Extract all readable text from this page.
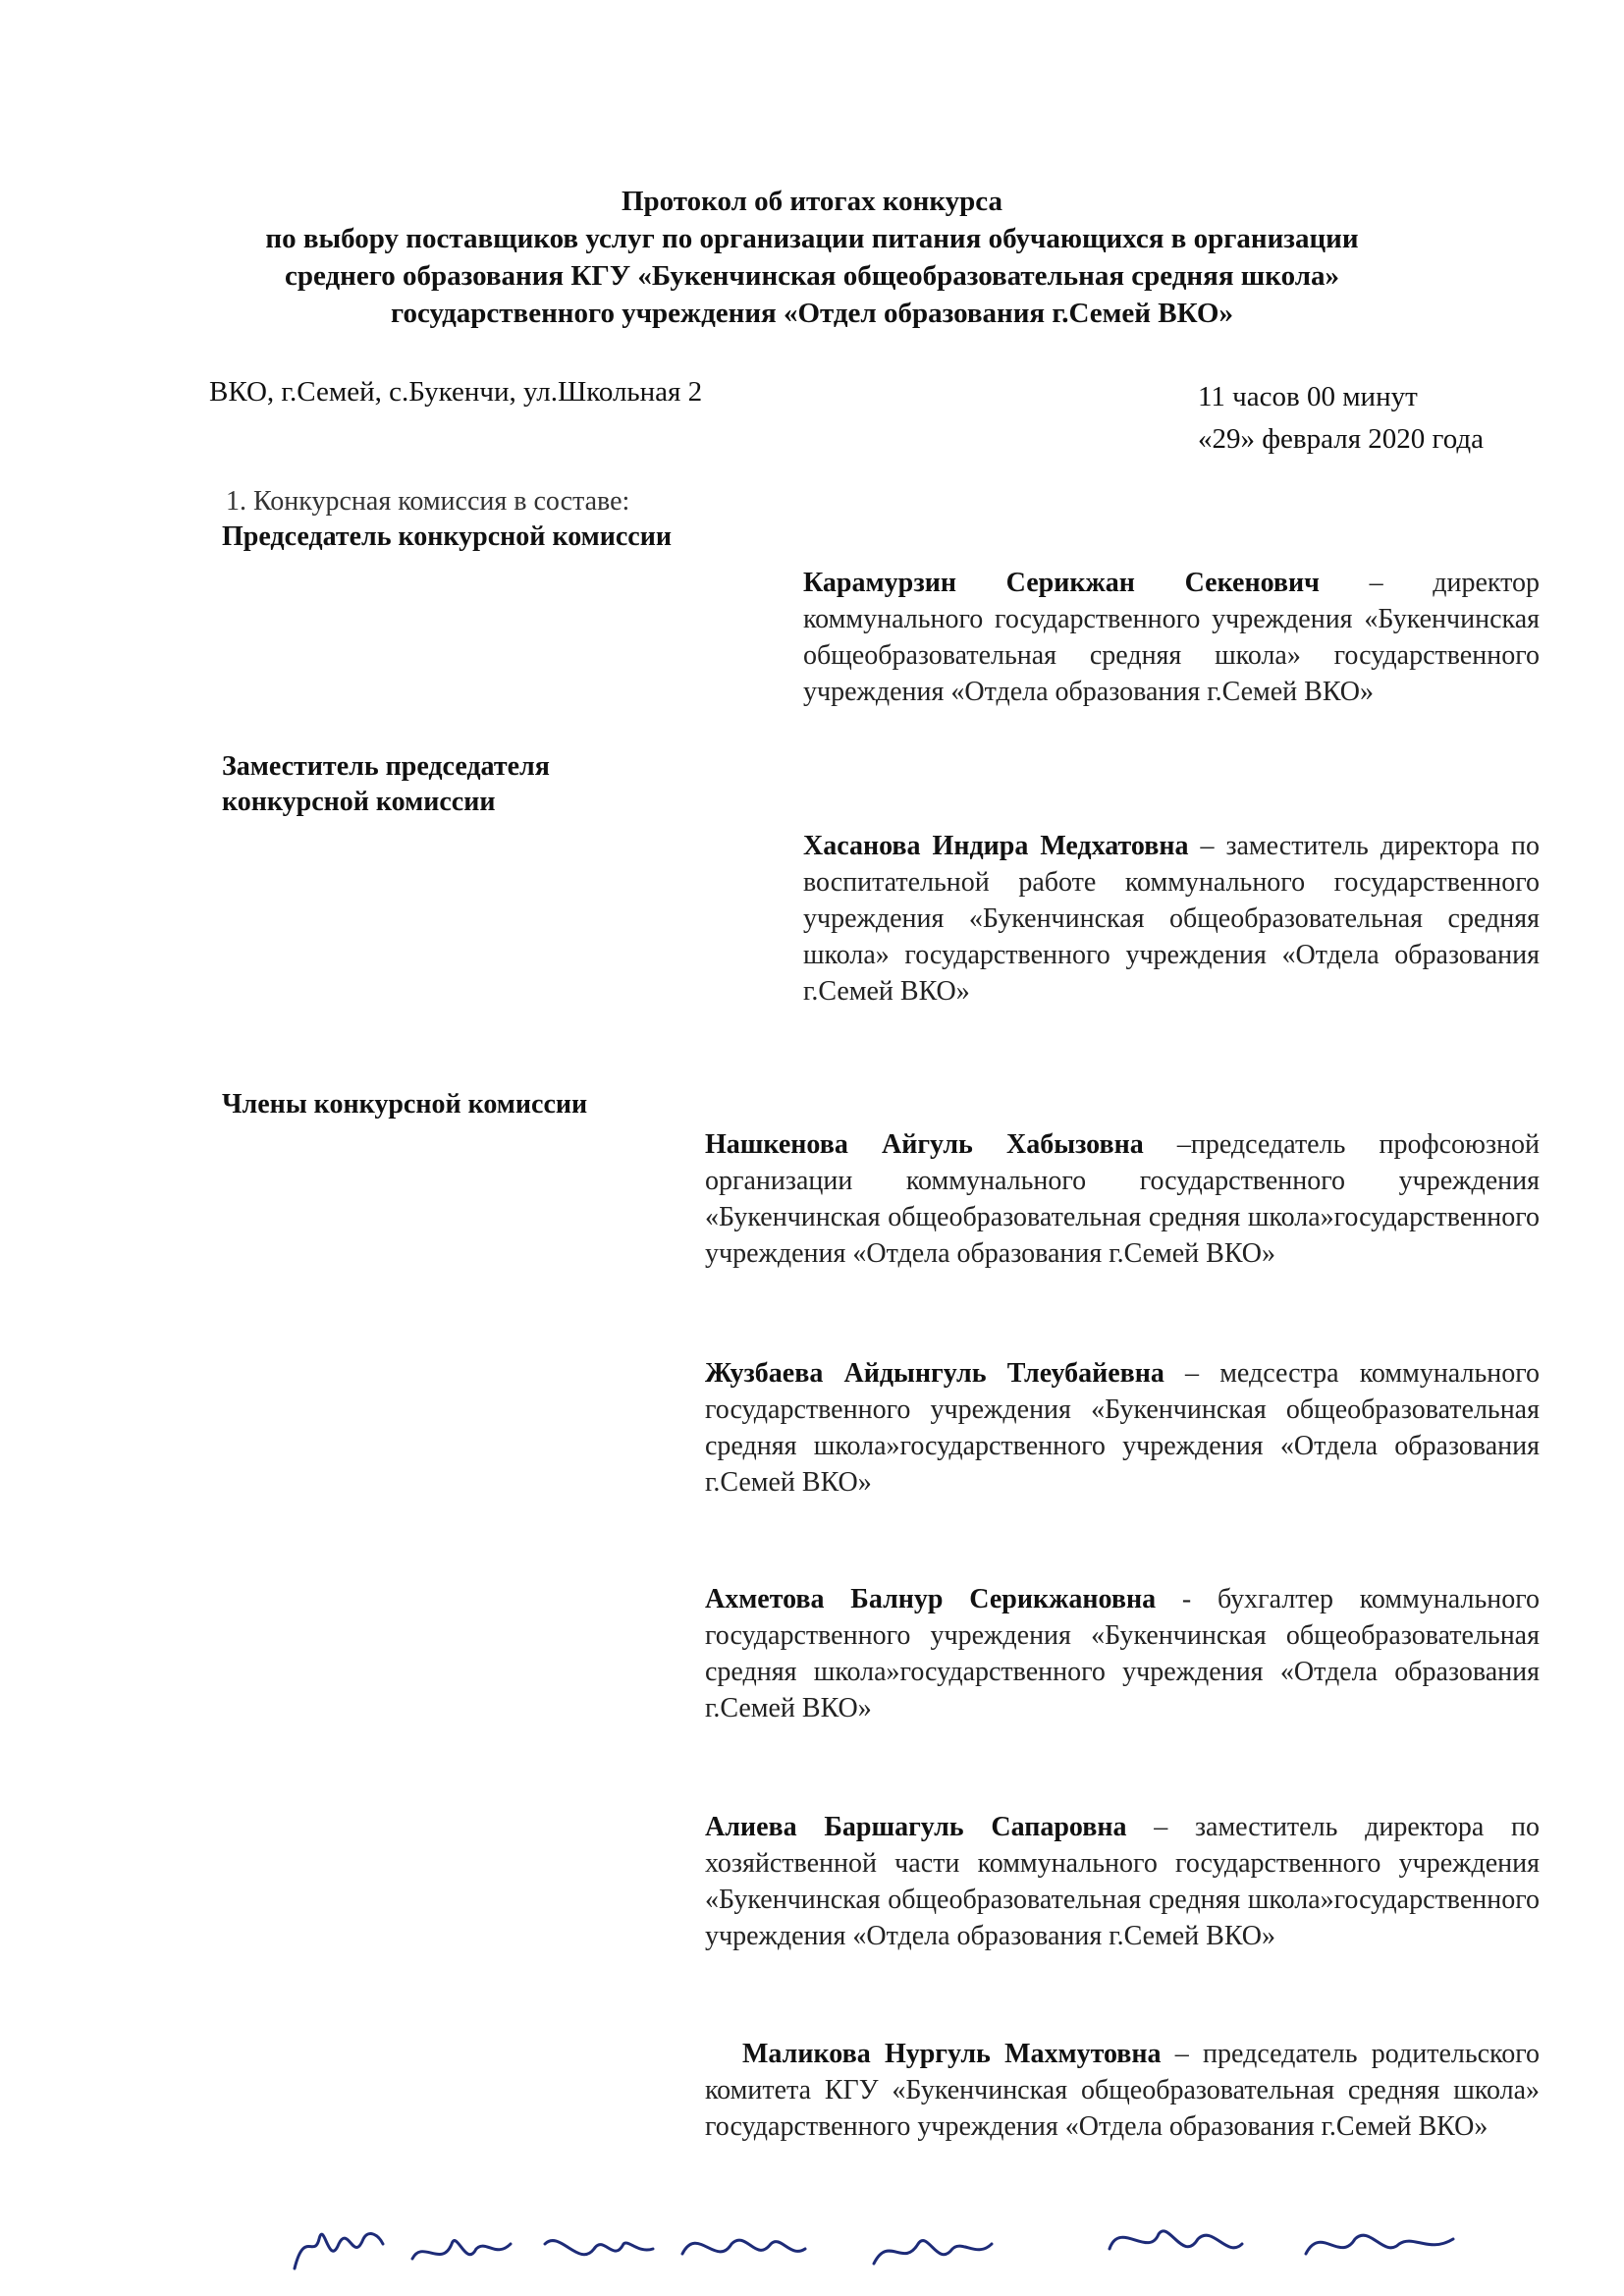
Протокол об итогах конкурса
по выбору поставщиков услуг по организации питания обучающихся в организации
среднего образования КГУ «Букенчинская общеобразовательная средняя школа»
государственного учреждения «Отдел образования г.Семей ВКО»
ВКО, г.Семей, с.Букенчи, ул.Школьная 2	11 часов 00 минут
«29» февраля 2020 года
1. Конкурсная комиссия в составе:
Председатель конкурсной комиссии
Карамурзин Серикжан Секенович – директор коммунального государственного учреждения «Букенчинская общеобразовательная средняя школа» государственного учреждения «Отдела образования г.Семей ВКО»
Заместитель председателя
конкурсной комиссии
Хасанова Индира Медхатовна – заместитель директора по воспитательной работе коммунального государственного учреждения «Букенчинская общеобразовательная средняя школа» государственного учреждения «Отдела образования г.Семей ВКО»
Члены конкурсной комиссии
Нашкенова Айгуль Хабызовна –председатель профсоюзной организации коммунального государственного учреждения «Букенчинская общеобразовательная средняя школа»государственного учреждения «Отдела образования г.Семей ВКО»
Жузбаева Айдынгуль Тлеубайевна – медсестра коммунального государственного учреждения «Букенчинская общеобразовательная средняя школа»государственного учреждения «Отдела образования г.Семей ВКО»
Ахметова Балнур Серикжановна - бухгалтер коммунального государственного учреждения «Букенчинская общеобразовательная средняя школа»государственного учреждения «Отдела образования г.Семей ВКО»
Алиева Баршагуль Сапаровна – заместитель директора по хозяйственной части коммунального государственного учреждения «Букенчинская общеобразовательная средняя школа»государственного учреждения «Отдела образования г.Семей ВКО»
Маликова Нургуль Махмутовна – председатель родительского комитета КГУ «Букенчинская общеобразовательная средняя школа» государственного учреждения «Отдела образования г.Семей ВКО»
